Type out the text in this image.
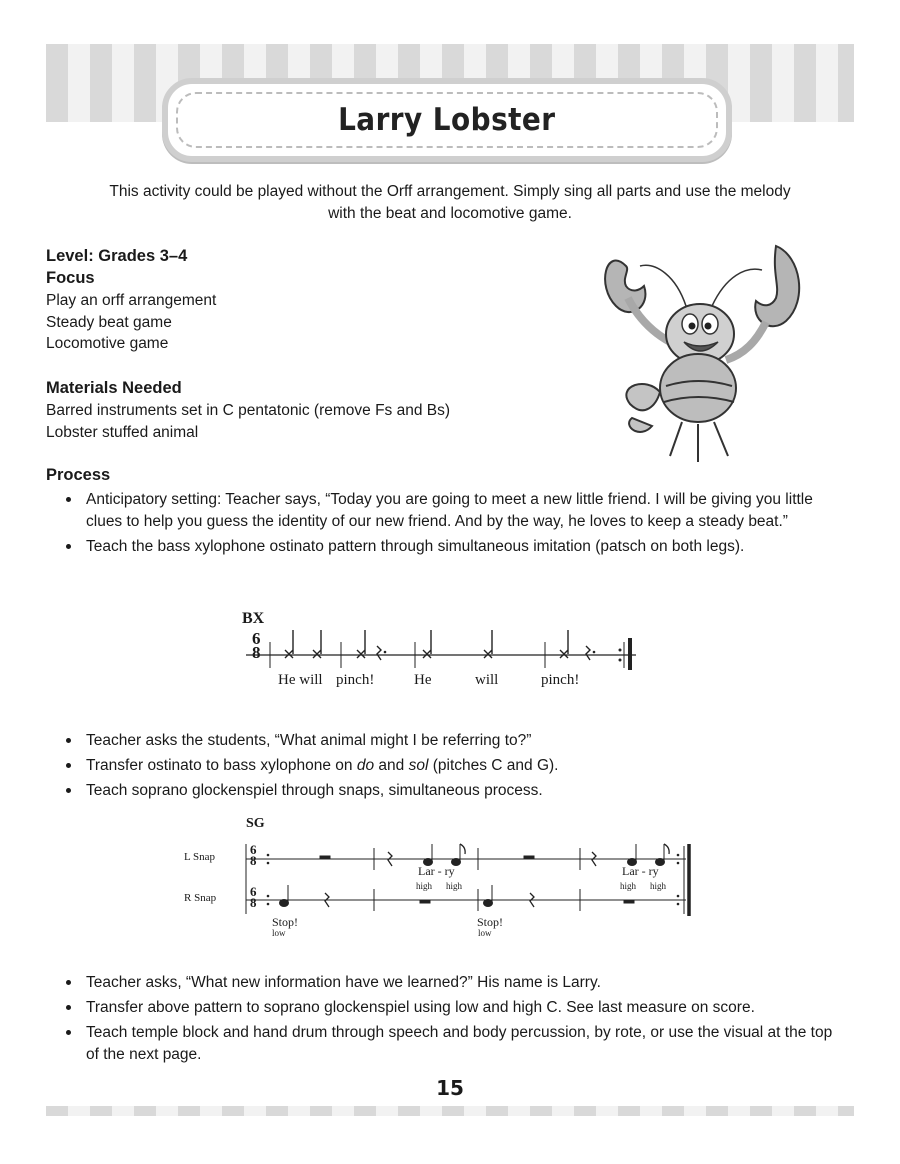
Larry Lobster
This activity could be played without the Orff arrangement. Simply sing all parts and use the melody with the beat and locomotive game.
Level: Grades 3–4
Focus
Play an orff arrangement
Steady beat game
Locomotive game
Materials Needed
Barred instruments set in C pentatonic (remove Fs and Bs)
Lobster stuffed animal
Process
Anticipatory setting: Teacher says, “Today you are going to meet a new little friend. I will be giving you little clues to help you guess the identity of our new friend. And by the way, he loves to keep a steady beat.”
Teach the bass xylophone ostinato pattern through simultaneous imitation (patsch on both legs).
BX
6
8
He will pinch!	He	will	pinch!
Teacher asks the students, “What animal might I be referring to?”
Transfer ostinato to bass xylophone on do and sol (pitches C and G).
Teach soprano glockenspiel through snaps, simultaneous process.
SG
L Snap
R Snap
6
8
6
8
Lar - ry
high high
Lar - ry
high high
Stop!
low
Stop!
low
Teacher asks, “What new information have we learned?” His name is Larry.
Transfer above pattern to soprano glockenspiel using low and high C. See last measure on score.
Teach temple block and hand drum through speech and body percussion, by rote, or use the visual at the top of the next page.
15
